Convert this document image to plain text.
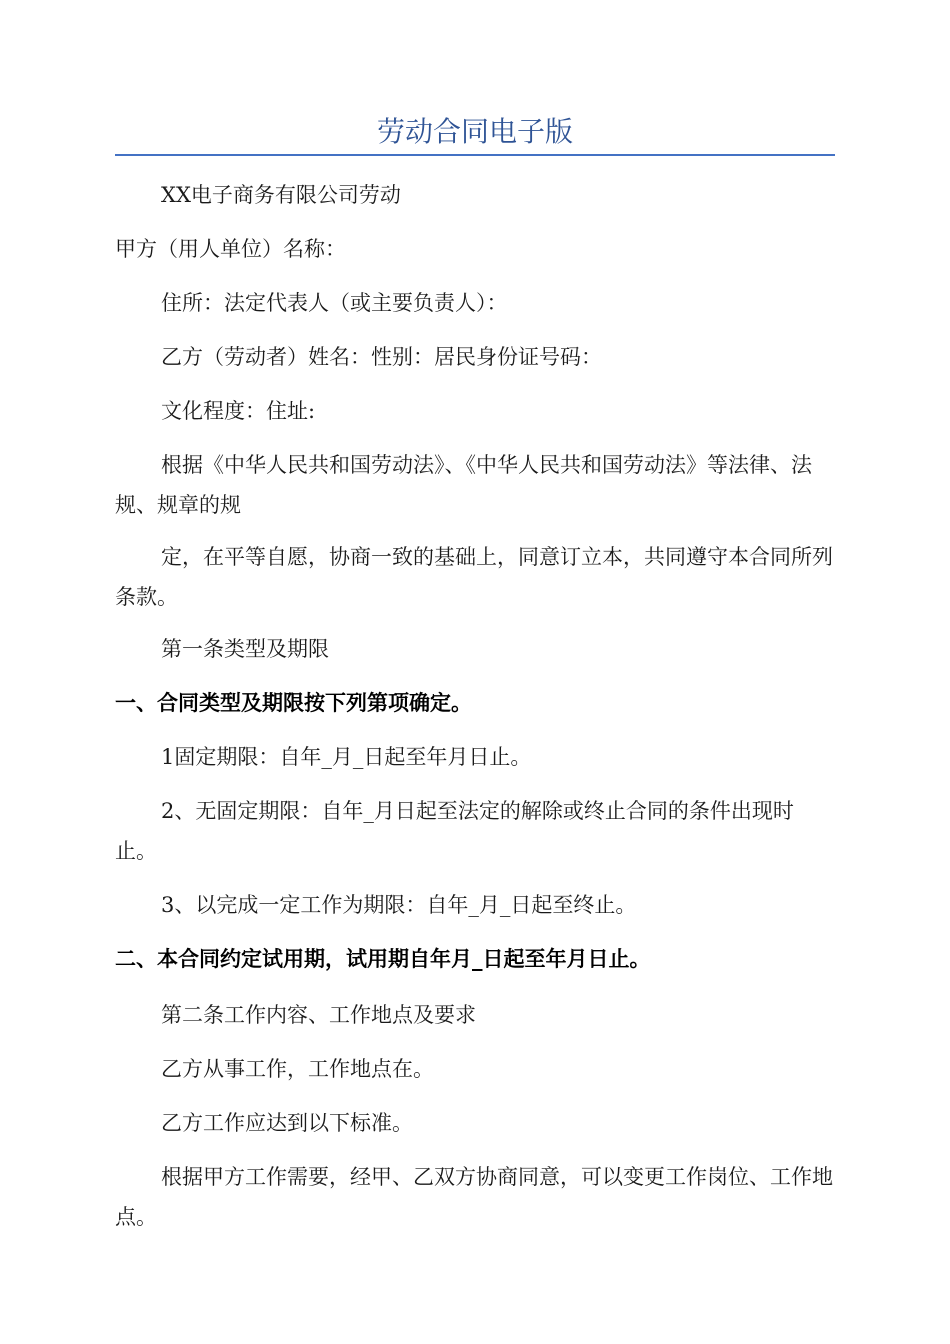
劳动合同电子版

XX电子商务有限公司劳动

甲方（用人单位）名称：

住所：法定代表人（或主要负责人）：

乙方（劳动者）姓名：性别：居民身份证号码：

文化程度：住址:

根据《中华人民共和国劳动法》、《中华人民共和国劳动法》等法律、法规、规章的规

定，在平等自愿，协商一致的基础上，同意订立本，共同遵守本合同所列条款。

第一条类型及期限

一、合同类型及期限按下列第项确定。

1固定期限：自年_月_日起至年月日止。

2、无固定期限：自年_月日起至法定的解除或终止合同的条件出现时止。

3、以完成一定工作为期限：自年_月_日起至终止。

二、本合同约定试用期，试用期自年月_日起至年月日止。

第二条工作内容、工作地点及要求

乙方从事工作，工作地点在。

乙方工作应达到以下标准。

根据甲方工作需要，经甲、乙双方协商同意，可以变更工作岗位、工作地点。
